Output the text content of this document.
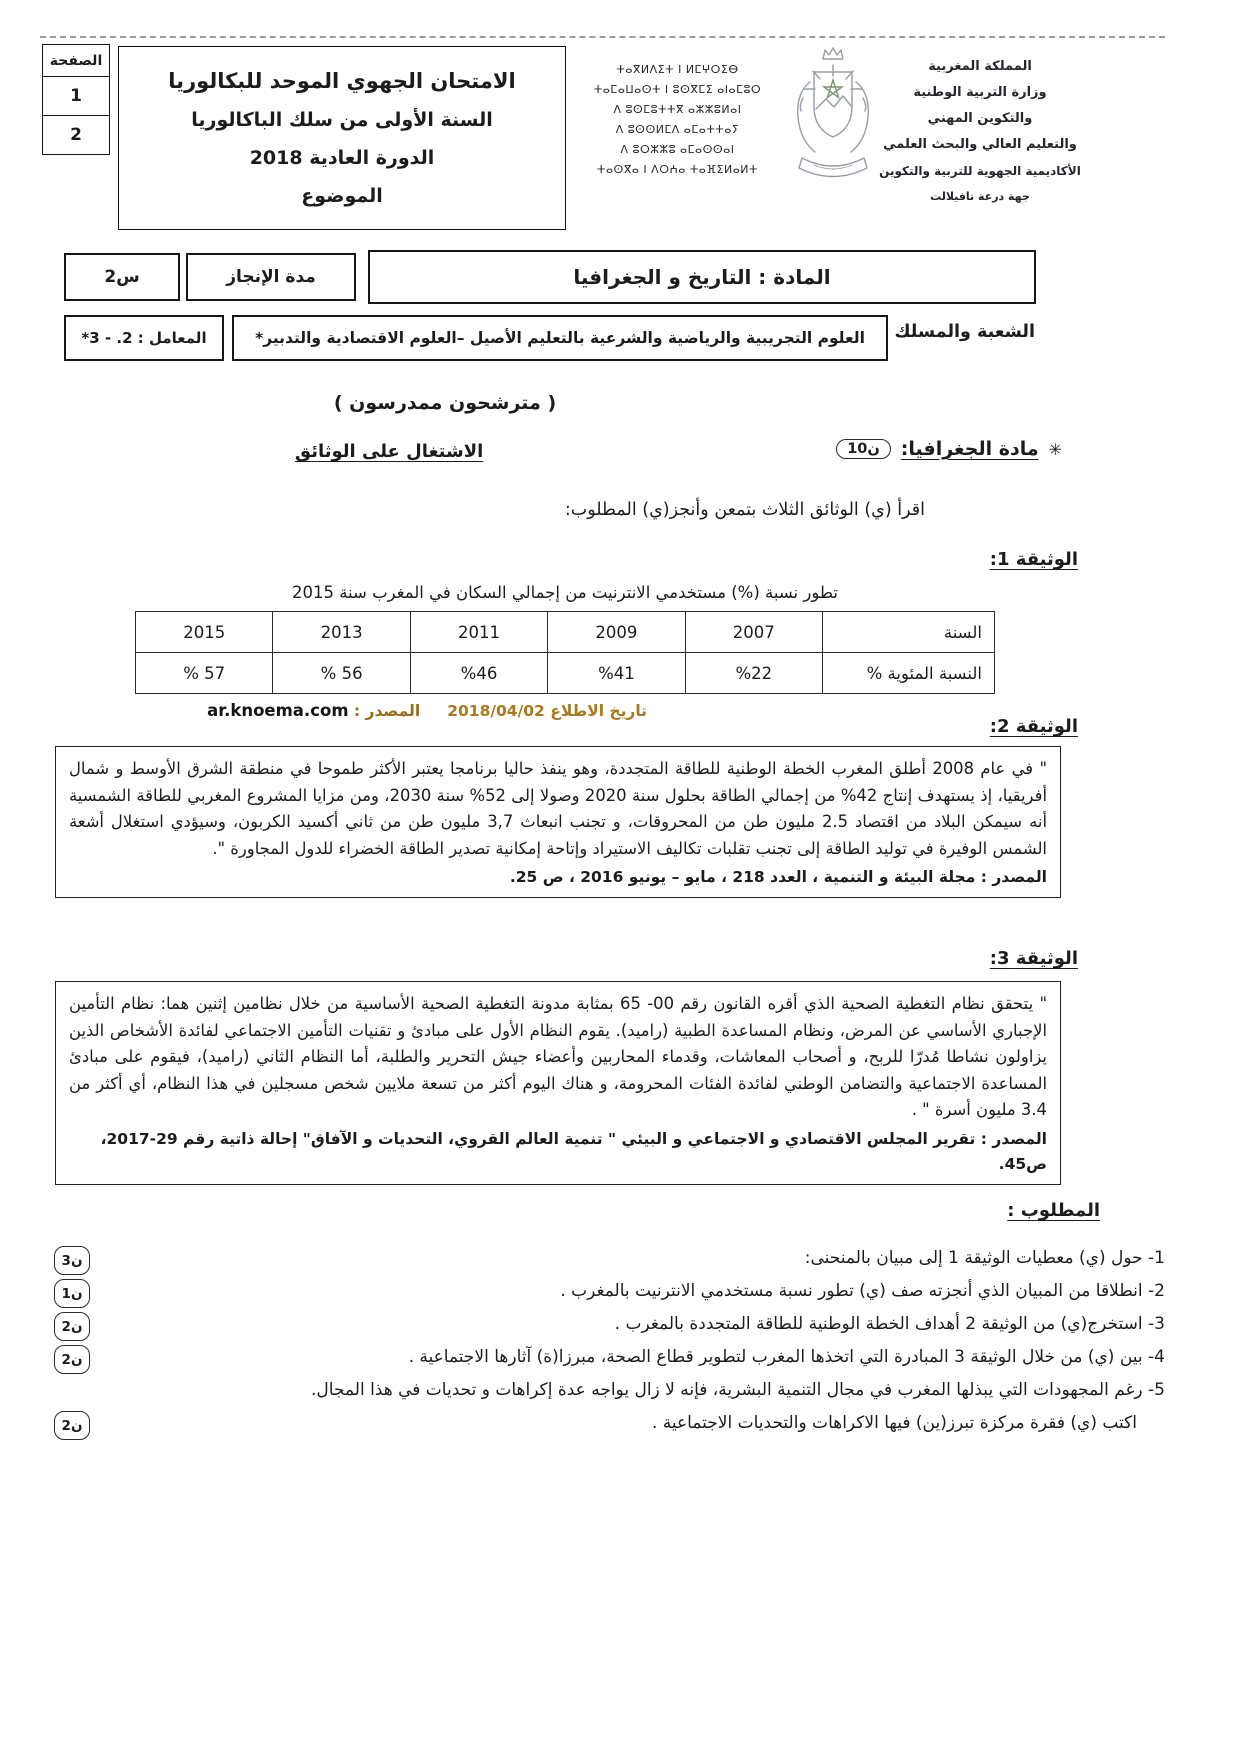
الصفحة
1
2
الامتحان الجهوي الموحد للبكالوريا
السنة الأولى من سلك الباكالوريا
الدورة العادية 2018
الموضوع
ⵜⴰⴳⵍⴷⵉⵜ ⵏ ⵍⵎⵖⵔⵉⴱ
ⵜⴰⵎⴰⵡⴰⵙⵜ ⵏ ⵓⵙⴳⵎⵉ ⴰⵏⴰⵎⵓⵔ
ⴷ ⵓⵙⵎⵓⵜⵜⴳ ⴰⵣⵣⵓⵍⴰⵏ
ⴷ ⵓⵙⵙⵍⵎⴷ ⴰⵎⴰⵜⵜⴰⵢ
ⴷ ⵓⵔⵣⵣⵓ ⴰⵎⴰⵙⵙⴰⵏ
ⵜⴰⵙⴳⴰ ⵏ ⴷⵔⵄⴰ ⵜⴰⴼⵉⵍⴰⵍⵜ
المملكة المغربية
وزارة التربية الوطنية
والتكوين المهني
والتعليم العالي والبحث العلمي
الأكاديمية الجهوية للتربية والتكوين
جهة درعة تافيلالت
المادة : التاريخ و الجغرافيا
مدة الإنجاز
2س
الشعبة والمسلك
العلوم التجريبية والرياضية والشرعية بالتعليم الأصيل –العلوم الاقتصادية والتدبير*
المعامل : 2. - 3*
( مترشحون ممدرسون )
✳
مادة الجغرافيا:
10ن
الاشتغال على الوثائق
اقرأ (ي) الوثائق الثلاث بتمعن وأنجز(ي) المطلوب:
الوثيقة 1:
تطور نسبة (%) مستخدمي الانترنيت من إجمالي السكان في المغرب سنة 2015
السنة	2007	2009	2011	2013	2015
النسبة المئوية %	%22	%41	%46	% 56	% 57
تاريخ الاطلاع 2018/04/02     المصدر : ar.knoema.com
الوثيقة 2:
" في عام 2008 أطلق المغرب الخطة الوطنية للطاقة المتجددة، وهو ينفذ حاليا برنامجا يعتبر الأكثر طموحا في منطقة الشرق الأوسط و شمال أفريقيا، إذ يستهدف إنتاج 42% من إجمالي الطاقة بحلول سنة 2020 وصولا إلى 52% سنة 2030، ومن مزايا المشروع المغربي للطاقة الشمسية أنه سيمكن البلاد من اقتصاد 2.5 مليون طن من المحروقات، و تجنب انبعاث 3,7 مليون طن من ثاني أكسيد الكربون، وسيؤدي استغلال أشعة الشمس الوفيرة في توليد الطاقة إلى تجنب تقلبات تكاليف الاستيراد وإتاحة إمكانية تصدير الطاقة الخضراء للدول المجاورة ".
المصدر : مجلة البيئة و التنمية ، العدد 218 ، مايو – يونيو 2016 ، ص 25.
الوثيقة 3:
" يتحقق نظام التغطية الصحية الذي أقره القانون رقم 00- 65 بمثابة مدونة التغطية الصحية الأساسية من خلال نظامين إثنين هما: نظام التأمين الإجباري الأساسي عن المرض، ونظام المساعدة الطبية (راميد). يقوم النظام الأول على مبادئ و تقنيات التأمين الاجتماعي لفائدة الأشخاص الذين يزاولون نشاطا مُدرّا للربح، و أصحاب المعاشات، وقدماء المحاربين وأعضاء جيش التحرير والطلبة، أما النظام الثاني (راميد)، فيقوم على مبادئ المساعدة الاجتماعية والتضامن الوطني لفائدة الفئات المحرومة، و هناك اليوم أكثر من تسعة ملايين شخص مسجلين في هذا النظام، أي أكثر من 3.4 مليون أسرة " .
المصدر : تقرير المجلس الاقتصادي و الاجتماعي و البيئي " تنمية العالم القروي، التحديات و الآفاق" إحالة ذاتية رقم 29-2017، ص45.
المطلوب :
1- حول (ي) معطيات الوثيقة 1 إلى مبيان بالمنحنى:
3ن
2- انطلاقا من المبيان الذي أنجزته صف (ي) تطور نسبة مستخدمي الانترنيت بالمغرب .
1ن
3- استخرج(ي) من الوثيقة 2 أهداف الخطة الوطنية للطاقة المتجددة بالمغرب .
2ن
4- بين (ي) من خلال الوثيقة 3 المبادرة التي اتخذها المغرب لتطوير قطاع الصحة، مبرزا(ة) آثارها الاجتماعية .
2ن
5- رغم المجهودات التي يبذلها المغرب في مجال التنمية البشرية، فإنه لا زال يواجه عدة إكراهات و تحديات في هذا المجال.
اكتب (ي) فقرة مركزة تبرز(ين) فيها الاكراهات والتحديات الاجتماعية .
2ن
